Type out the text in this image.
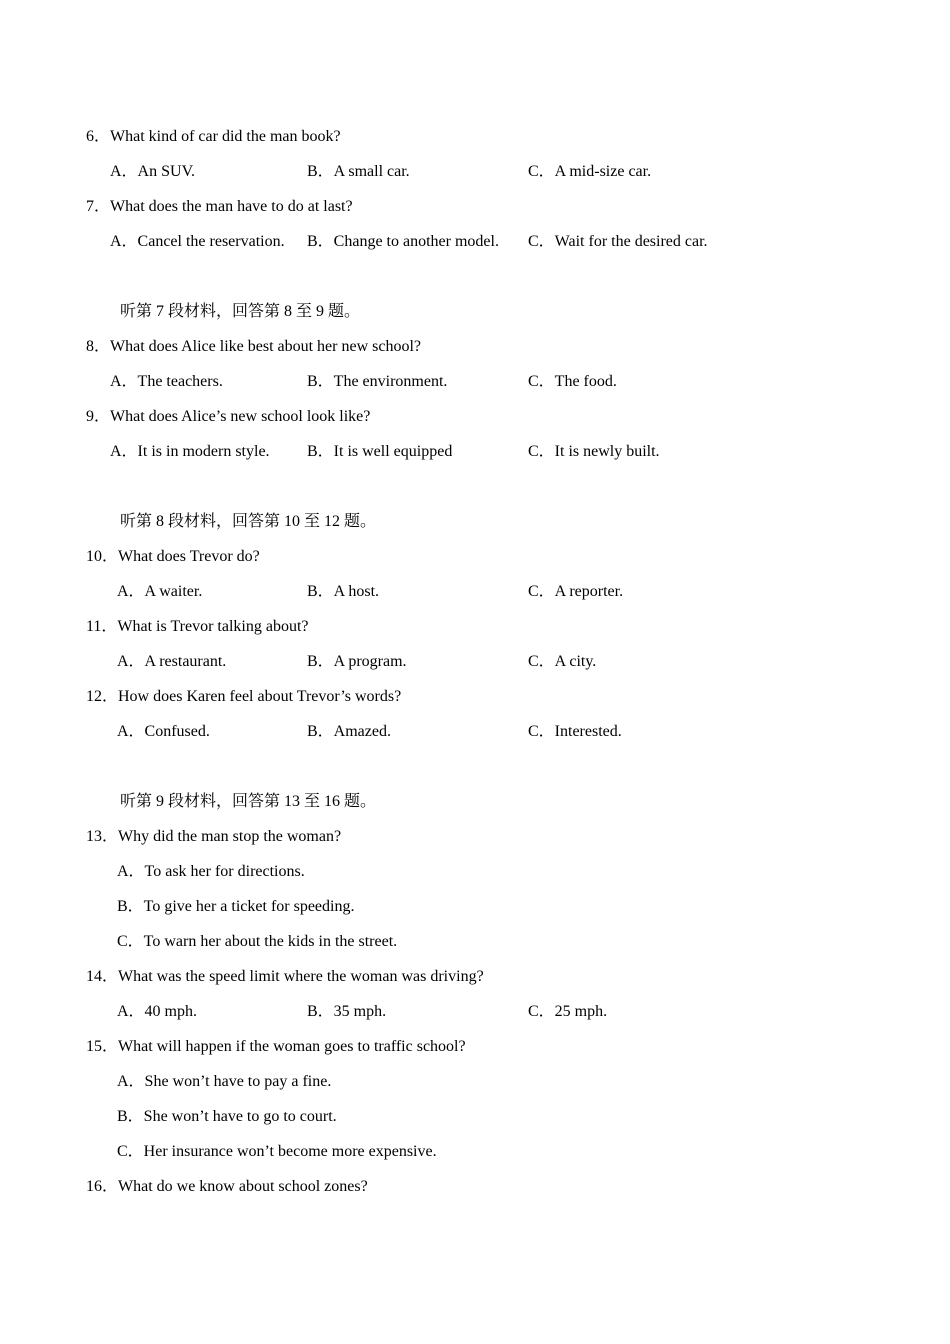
6．What kind of car did the man book?
A．An SUV.	B．A small car.	C．A mid-size car.
7．What does the man have to do at last?
A．Cancel the reservation. B．Change to another model. C．Wait for the desired car.
听第 7 段材料，回答第 8 至 9 题。
8．What does Alice like best about her new school?
A．The teachers.	B．The environment.	C．The food.
9．What does Alice’s new school look like?
A．It is in modern style. B．It is well equipped	C．It is newly built.
听第 8 段材料，回答第 10 至 12 题。
10．What does Trevor do?
A．A waiter.	B．A host.	C．A reporter.
11．What is Trevor talking about?
A．A restaurant.	B．A program.	C．A city.
12．How does Karen feel about Trevor’s words?
A．Confused.	B．Amazed.	C．Interested.
听第 9 段材料，回答第 13 至 16 题。
13．Why did the man stop the woman?
A．To ask her for directions.
B．To give her a ticket for speeding.
C．To warn her about the kids in the street.
14．What was the speed limit where the woman was driving?
A．40 mph.	B．35 mph.	C．25 mph.
15．What will happen if the woman goes to traffic school?
A．She won’t have to pay a fine.
B．She won’t have to go to court.
C．Her insurance won’t become more expensive.
16．What do we know about school zones?
